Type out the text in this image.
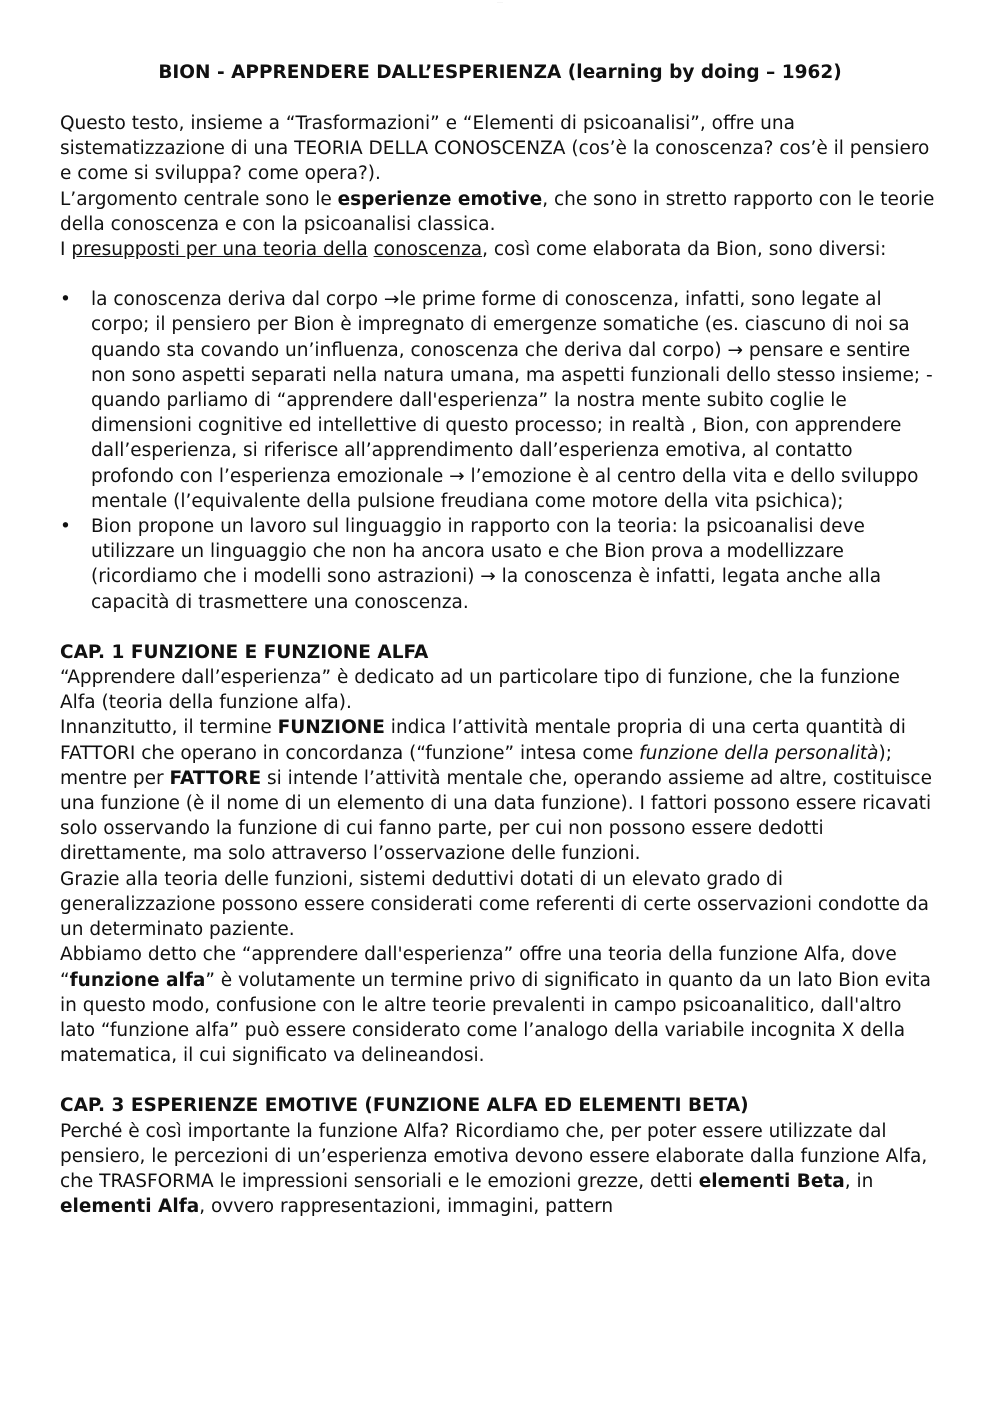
······

BION - APPRENDERE DALL’ESPERIENZA (learning by doing – 1962)

Questo testo, insieme a “Trasformazioni” e “Elementi di psicoanalisi”, offre una sistematizzazione di una TEORIA DELLA CONOSCENZA (cos’è la conoscenza? cos’è il pensiero e come si sviluppa? come opera?).

L’argomento centrale sono le esperienze emotive, che sono in stretto rapporto con le teorie della conoscenza e con la psicoanalisi classica.

I presupposti per una teoria della conoscenza, così come elaborata da Bion, sono diversi:

• la conoscenza deriva dal corpo →le prime forme di conoscenza, infatti, sono legate al corpo; il pensiero per Bion è impregnato di emergenze somatiche (es. ciascuno di noi sa quando sta covando un’influenza, conoscenza che deriva dal corpo) → pensare e sentire non sono aspetti separati nella natura umana, ma aspetti funzionali dello stesso insieme; - quando parliamo di “apprendere dall'esperienza” la nostra mente subito coglie le dimensioni cognitive ed intellettive di questo processo; in realtà , Bion, con apprendere dall’esperienza, si riferisce all’apprendimento dall’esperienza emotiva, al contatto profondo con l’esperienza emozionale → l’emozione è al centro della vita e dello sviluppo mentale (l’equivalente della pulsione freudiana come motore della vita psichica);
• Bion propone un lavoro sul linguaggio in rapporto con la teoria: la psicoanalisi deve utilizzare un linguaggio che non ha ancora usato e che Bion prova a modellizzare (ricordiamo che i modelli sono astrazioni) → la conoscenza è infatti, legata anche alla capacità di trasmettere una conoscenza.

CAP. 1 FUNZIONE E FUNZIONE ALFA

“Apprendere dall’esperienza” è dedicato ad un particolare tipo di funzione, che la funzione Alfa (teoria della funzione alfa).

Innanzitutto, il termine FUNZIONE indica l’attività mentale propria di una certa quantità di FATTORI che operano in concordanza (“funzione” intesa come funzione della personalità); mentre per FATTORE si intende l’attività mentale che, operando assieme ad altre, costituisce una funzione (è il nome di un elemento di una data funzione). I fattori possono essere ricavati solo osservando la funzione di cui fanno parte, per cui non possono essere dedotti direttamente, ma solo attraverso l’osservazione delle funzioni.

Grazie alla teoria delle funzioni, sistemi deduttivi dotati di un elevato grado di generalizzazione possono essere considerati come referenti di certe osservazioni condotte da un determinato paziente.

Abbiamo detto che “apprendere dall'esperienza” offre una teoria della funzione Alfa, dove “funzione alfa” è volutamente un termine privo di significato in quanto da un lato Bion evita in questo modo, confusione con le altre teorie prevalenti in campo psicoanalitico, dall'altro lato “funzione alfa” può essere considerato come l’analogo della variabile incognita X della matematica, il cui significato va delineandosi.

CAP. 3 ESPERIENZE EMOTIVE (FUNZIONE ALFA ED ELEMENTI BETA)

Perché è così importante la funzione Alfa? Ricordiamo che, per poter essere utilizzate dal pensiero, le percezioni di un’esperienza emotiva devono essere elaborate dalla funzione Alfa, che TRASFORMA le impressioni sensoriali e le emozioni grezze, detti elementi Beta, in elementi Alfa, ovvero rappresentazioni, immagini, pattern
